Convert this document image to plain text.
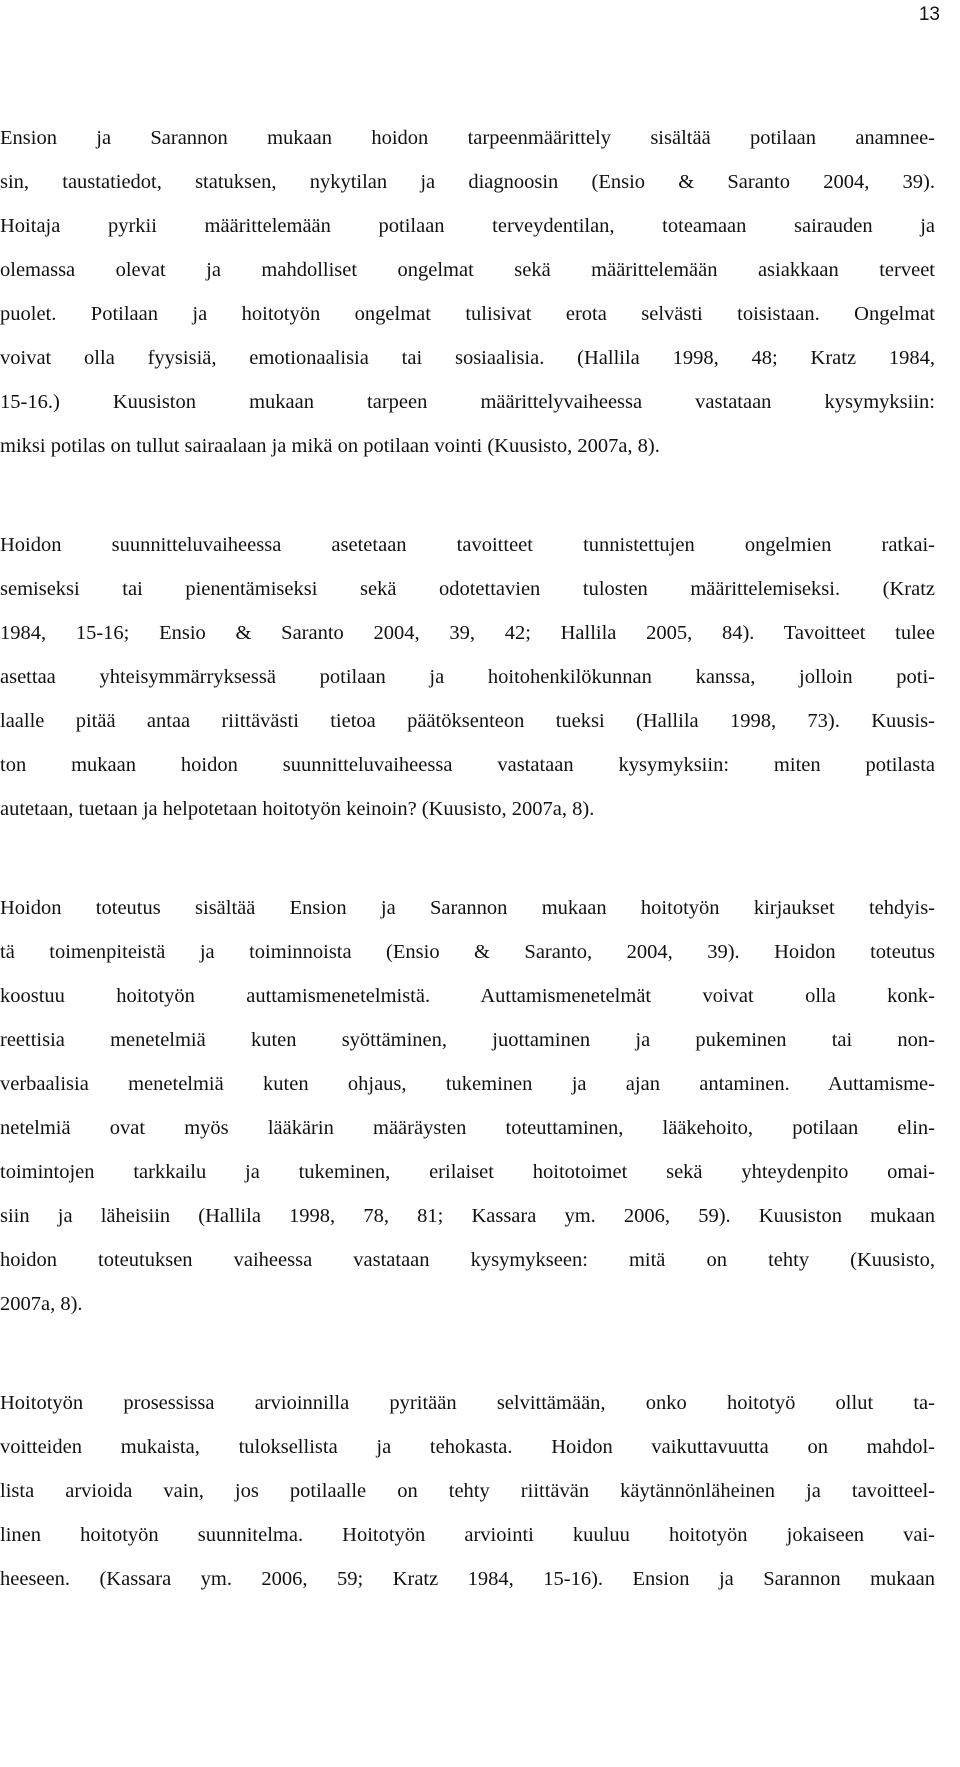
13
Ension ja Sarannon mukaan hoidon tarpeenmäärittely sisältää potilaan anamnee-
sin, taustatiedot, statuksen, nykytilan ja diagnoosin (Ensio & Saranto 2004, 39).
Hoitaja pyrkii määrittelemään potilaan terveydentilan, toteamaan sairauden ja
olemassa olevat ja mahdolliset ongelmat sekä määrittelemään asiakkaan terveet
puolet. Potilaan ja hoitotyön ongelmat tulisivat erota selvästi toisistaan. Ongelmat
voivat olla fyysisiä, emotionaalisia tai sosiaalisia. (Hallila 1998, 48; Kratz 1984,
15-16.) Kuusiston mukaan tarpeen määrittelyvaiheessa vastataan kysymyksiin:
miksi potilas on tullut sairaalaan ja mikä on potilaan vointi (Kuusisto, 2007a, 8).
Hoidon suunnitteluvaiheessa asetetaan tavoitteet tunnistettujen ongelmien ratkai-
semiseksi tai pienentämiseksi sekä odotettavien tulosten määrittelemiseksi. (Kratz
1984, 15-16; Ensio & Saranto 2004, 39, 42; Hallila 2005, 84). Tavoitteet tulee
asettaa yhteisymmärryksessä potilaan ja hoitohenkilökunnan kanssa, jolloin poti-
laalle pitää antaa riittävästi tietoa päätöksenteon tueksi (Hallila 1998, 73). Kuusis-
ton mukaan hoidon suunnitteluvaiheessa vastataan kysymyksiin: miten potilasta
autetaan, tuetaan ja helpotetaan hoitotyön keinoin? (Kuusisto, 2007a, 8).
Hoidon toteutus sisältää Ension ja Sarannon mukaan hoitotyön kirjaukset tehdyis-
tä toimenpiteistä ja toiminnoista (Ensio & Saranto, 2004, 39). Hoidon toteutus
koostuu hoitotyön auttamismenetelmistä. Auttamismenetelmät voivat olla konk-
reettisia menetelmiä kuten syöttäminen, juottaminen ja pukeminen tai non-
verbaalisia menetelmiä kuten ohjaus, tukeminen ja ajan antaminen. Auttamisme-
netelmiä ovat myös lääkärin määräysten toteuttaminen, lääkehoito, potilaan elin-
toimintojen tarkkailu ja tukeminen, erilaiset hoitotoimet sekä yhteydenpito omai-
siin ja läheisiin (Hallila 1998, 78, 81; Kassara ym. 2006, 59). Kuusiston mukaan
hoidon toteutuksen vaiheessa vastataan kysymykseen: mitä on tehty (Kuusisto,
2007a, 8).
Hoitotyön prosessissa arvioinnilla pyritään selvittämään, onko hoitotyö ollut ta-
voitteiden mukaista, tuloksellista ja tehokasta. Hoidon vaikuttavuutta on mahdol-
lista arvioida vain, jos potilaalle on tehty riittävän käytännönläheinen ja tavoitteel-
linen hoitotyön suunnitelma. Hoitotyön arviointi kuuluu hoitotyön jokaiseen vai-
heeseen. (Kassara ym. 2006, 59; Kratz 1984, 15-16). Ension ja Sarannon mukaan
